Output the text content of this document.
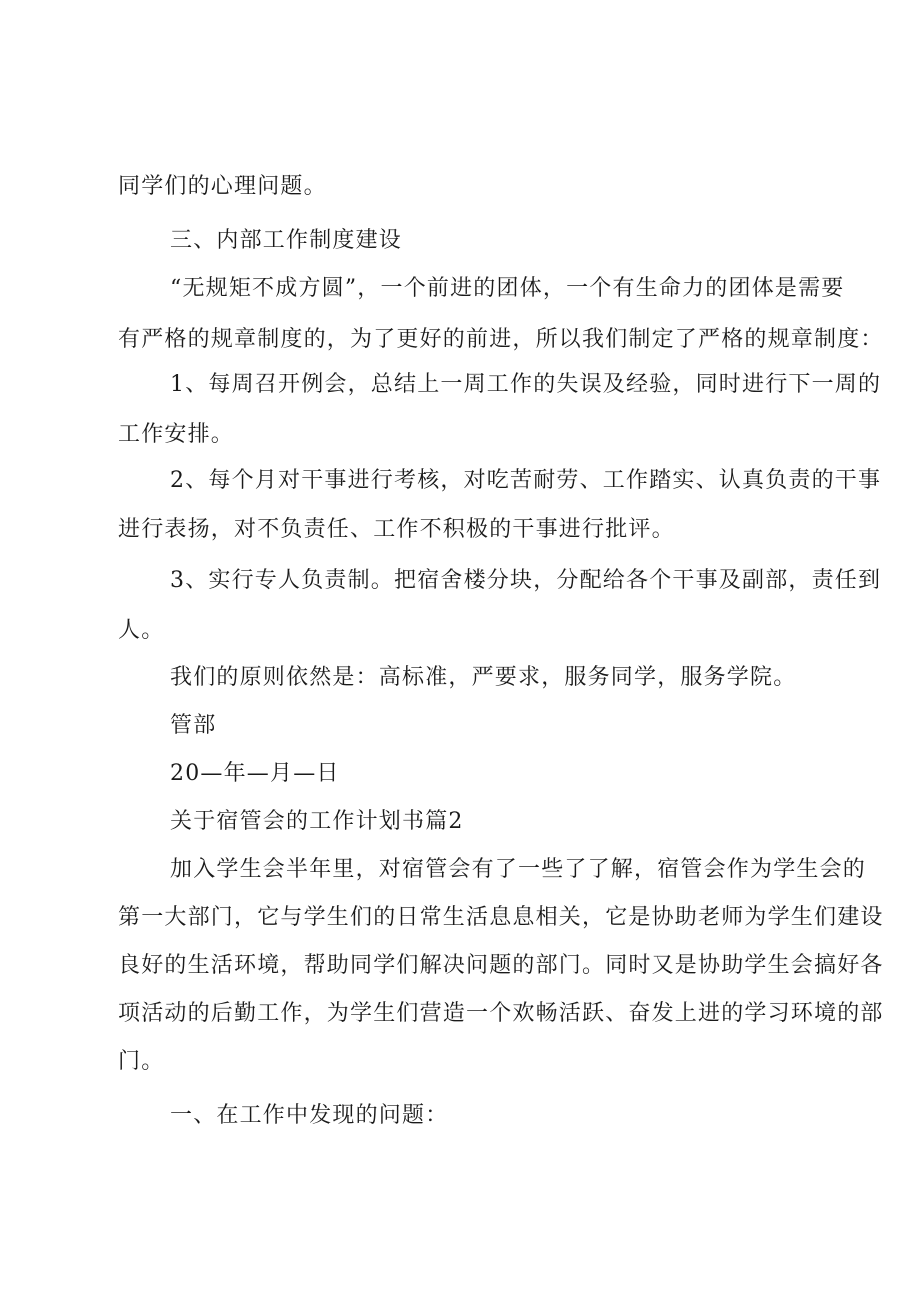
同学们的心理问题。
三、内部工作制度建设
“无规矩不成方圆”，一个前进的团体，一个有生命力的团体是需要
有严格的规章制度的，为了更好的前进，所以我们制定了严格的规章制度：
1、每周召开例会，总结上一周工作的失误及经验，同时进行下一周的
工作安排。
2、每个月对干事进行考核，对吃苦耐劳、工作踏实、认真负责的干事
进行表扬，对不负责任、工作不积极的干事进行批评。
3、实行专人负责制。把宿舍楼分块，分配给各个干事及副部，责任到
人。
我们的原则依然是：高标准，严要求，服务同学，服务学院。
管部
20—年—月—日
关于宿管会的工作计划书篇2
加入学生会半年里，对宿管会有了一些了了解，宿管会作为学生会的
第一大部门，它与学生们的日常生活息息相关，它是协助老师为学生们建设
良好的生活环境，帮助同学们解决问题的部门。同时又是协助学生会搞好各
项活动的后勤工作，为学生们营造一个欢畅活跃、奋发上进的学习环境的部
门。
一、在工作中发现的问题：
